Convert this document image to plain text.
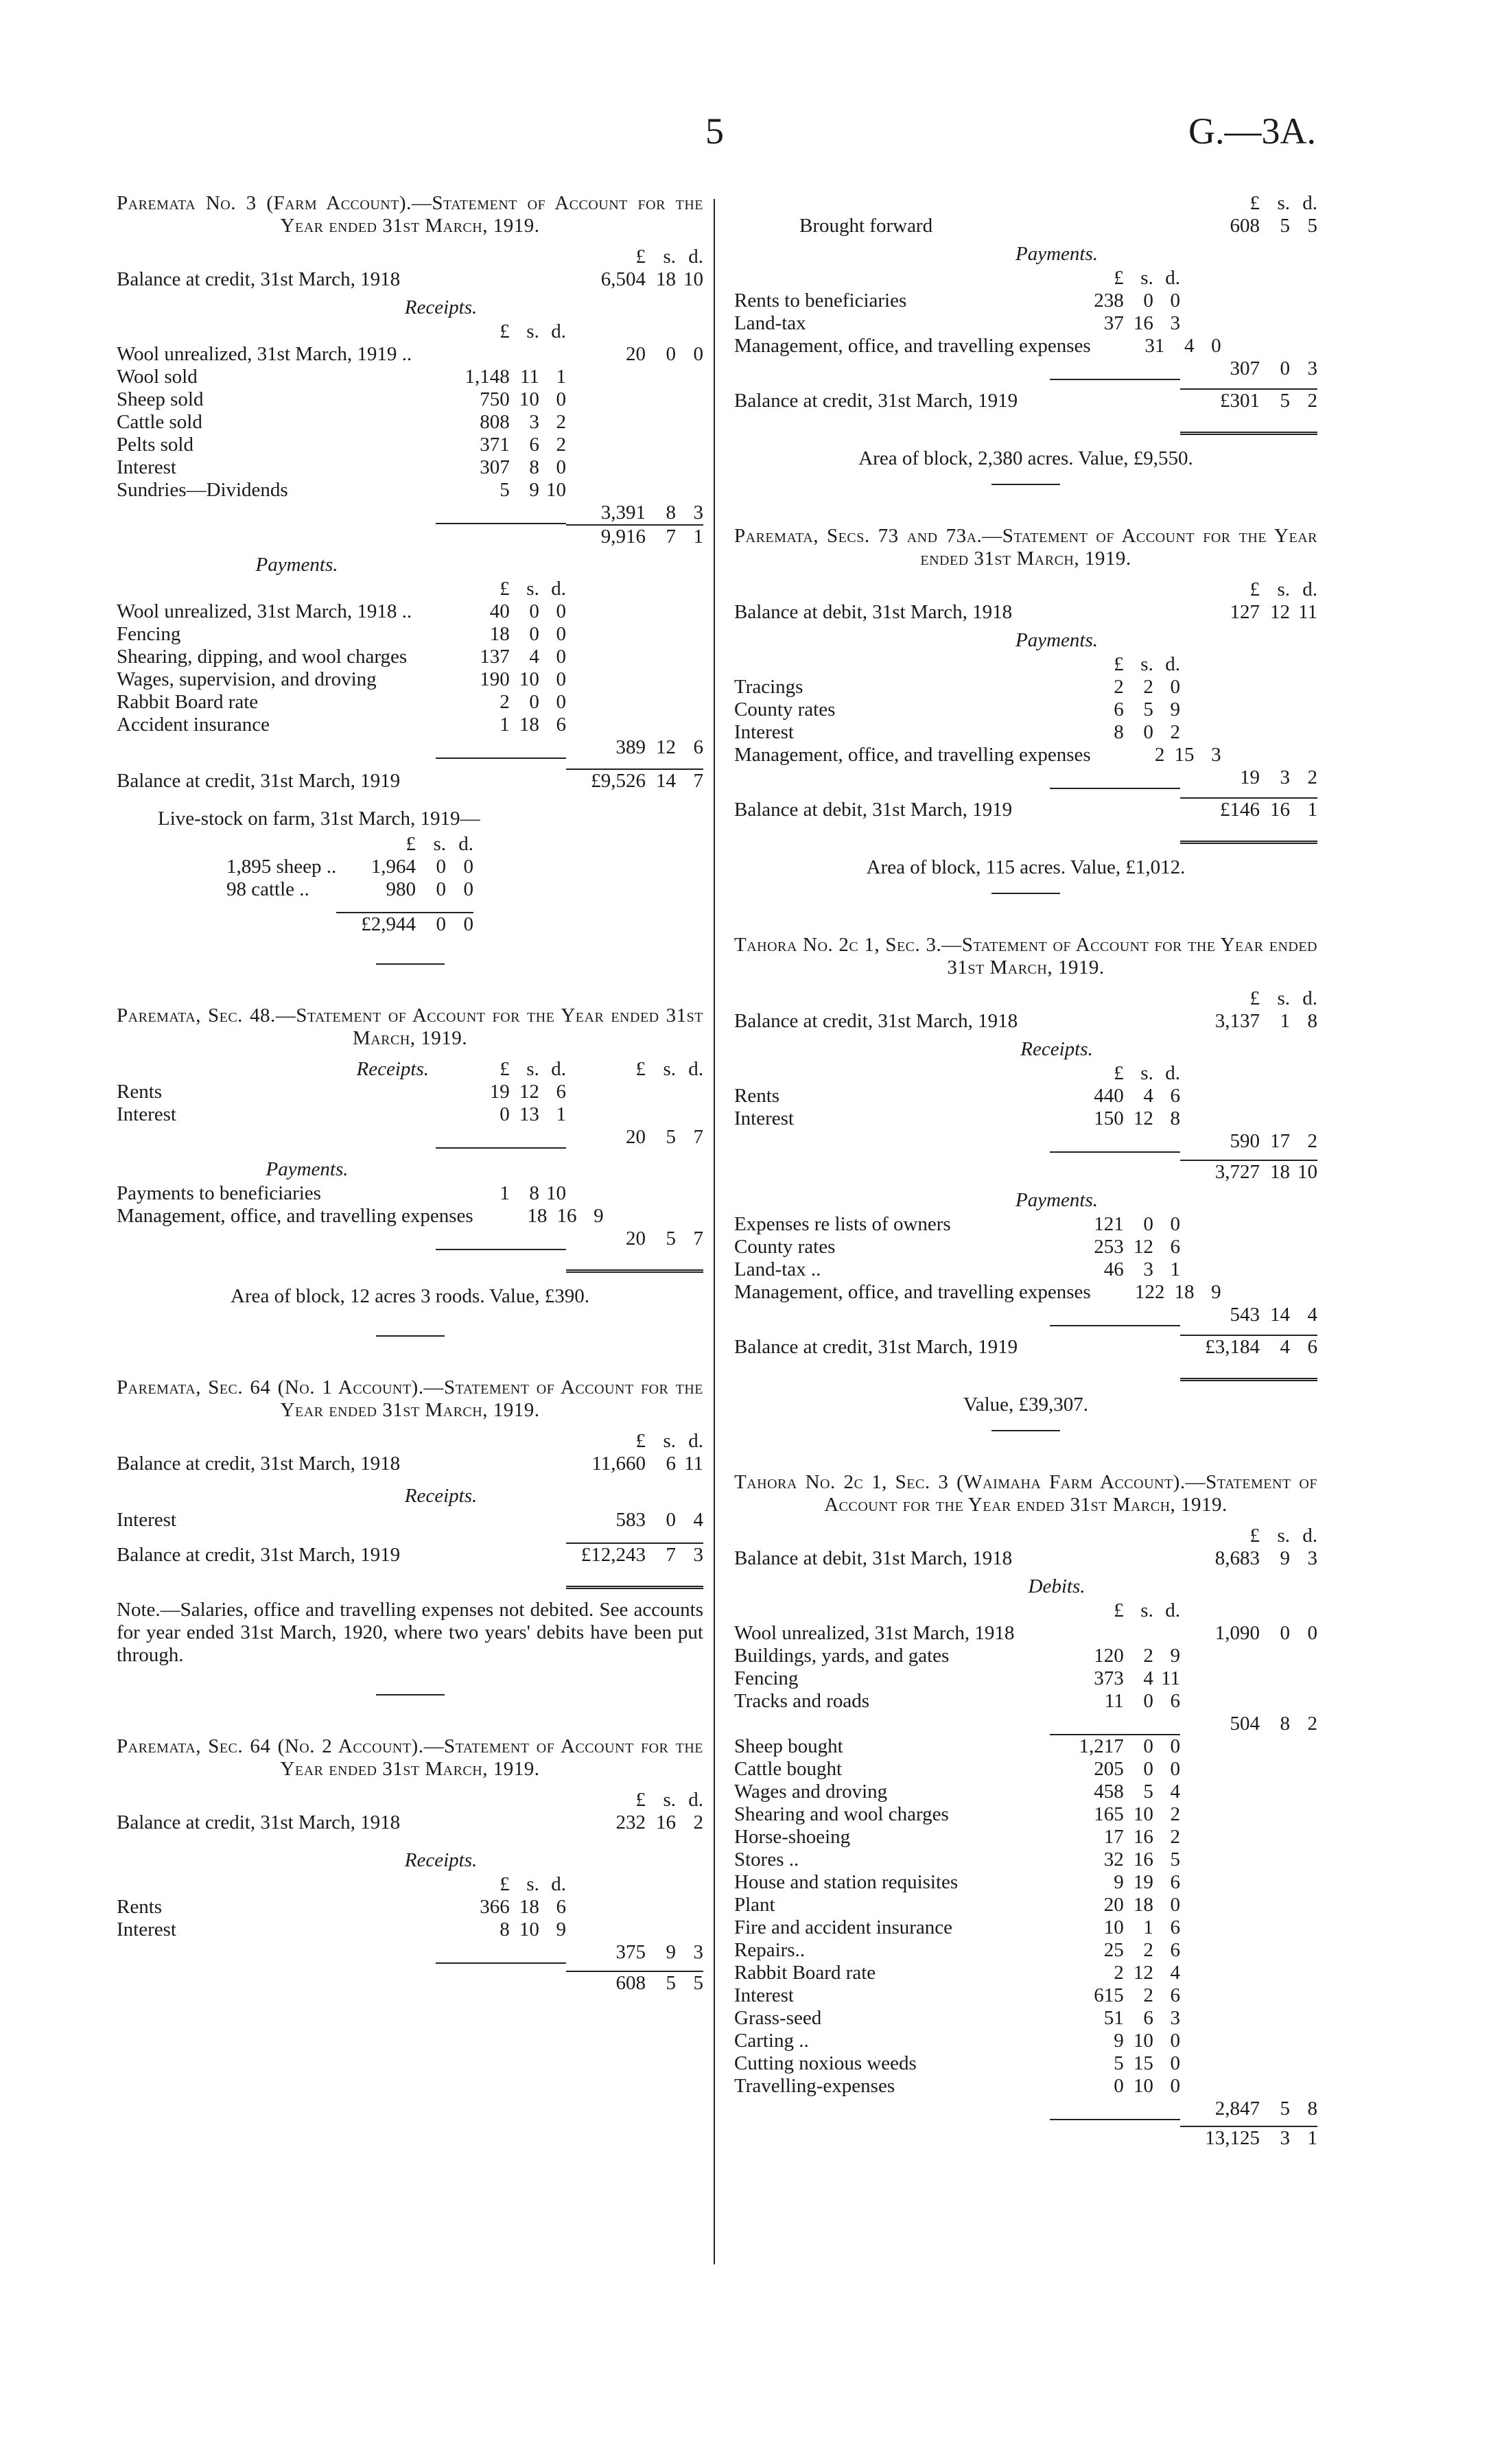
5	G.—3A.
Paremata No. 3 (Farm Account).—Statement of Account for the Year ended 31st March, 1919.
£ s. d.
Balance at credit, 31st March, 1918	6,504 18 10
Receipts.
£ s. d.
Wool unrealized, 31st March, 1919 ..	20	0 0
Wool sold	1,148 11 1
Sheep sold	750 10 0
Cattle sold	808 3 2
Pelts sold	371 6 2
Interest	307 8 0
Sundries—Dividends	5 9 10
3,391	8 3
9,916	7 1
Payments.
£ s. d.
Wool unrealized, 31st March, 1918 ..	40 0 0
Fencing	18 0 0
Shearing, dipping, and wool charges	137 4 0
Wages, supervision, and droving	190 10 0
Rabbit Board rate	2 0 0
Accident insurance	1 18 6
389 12 6
Balance at credit, 31st March, 1919	£9,526 14 7
Live-stock on farm, 31st March, 1919—
£ s. d.
1,895 sheep ..	1,964	0 0
98 cattle ..	980	0 0
£2,944	0 0
Paremata, Sec. 48.—Statement of Account for the Year ended 31st March, 1919.
Receipts.	£ s. d.	£ s. d.
Rents	19 12 6
Interest	0 13 1
20	5 7
Payments.
Payments to beneficiaries	1 8 10
Management, office, and travelling expenses	18 16 9
20	5 7
Area of block, 12 acres 3 roods. Value, £390.
Paremata, Sec. 64 (No. 1 Account).—Statement of Account for the Year ended 31st March, 1919.
£ s. d.
Balance at credit, 31st March, 1918	11,660	6 11
Receipts.
Interest	583	0 4
Balance at credit, 31st March, 1919	£12,243	7 3
Note.—Salaries, office and travelling expenses not debited. See accounts for year ended 31st March, 1920, where two years' debits have been put through.
Paremata, Sec. 64 (No. 2 Account).—Statement of Account for the Year ended 31st March, 1919.
£ s. d.
Balance at credit, 31st March, 1918	232 16 2
Receipts.
£ s. d.
Rents	366 18 6
Interest	8 10 9
375	9 3
608	5 5
£ s. d.
Brought forward	608	5 5
Payments.
£ s. d.
Rents to beneficiaries	238 0 0
Land-tax	37 16 3
Management, office, and travelling expenses	31 4 0
307	0 3
Balance at credit, 31st March, 1919	£301	5 2
Area of block, 2,380 acres. Value, £9,550.
Paremata, Secs. 73 and 73a.—Statement of Account for the Year ended 31st March, 1919.
£ s. d.
Balance at debit, 31st March, 1918	127 12 11
Payments.
£ s. d.
Tracings	2 2 0
County rates	6 5 9
Interest	8 0 2
Management, office, and travelling expenses	2 15 3
19	3 2
Balance at debit, 31st March, 1919	£146 16 1
Area of block, 115 acres. Value, £1,012.
Tahora No. 2c 1, Sec. 3.—Statement of Account for the Year ended 31st March, 1919.
£ s. d.
Balance at credit, 31st March, 1918	3,137	1 8
Receipts.
£ s. d.
Rents	440 4 6
Interest	150 12 8
590 17 2
3,727 18 10
Payments.
Expenses re lists of owners	121 0 0
County rates	253 12 6
Land-tax ..	46 3 1
Management, office, and travelling expenses	122 18 9
543 14 4
Balance at credit, 31st March, 1919	£3,184	4 6
Value, £39,307.
Tahora No. 2c 1, Sec. 3 (Waimaha Farm Account).—Statement of Account for the Year ended 31st March, 1919.
£ s. d.
Balance at debit, 31st March, 1918	8,683	9 3
Debits.
£ s. d.
Wool unrealized, 31st March, 1918	1,090	0 0
Buildings, yards, and gates	120 2 9
Fencing	373 4 11
Tracks and roads	11 0 6
504	8 2
Sheep bought	1,217 0 0
Cattle bought	205 0 0
Wages and droving	458 5 4
Shearing and wool charges	165 10 2
Horse-shoeing	17 16 2
Stores ..	32 16 5
House and station requisites	9 19 6
Plant	20 18 0
Fire and accident insurance	10 1 6
Repairs..	25 2 6
Rabbit Board rate	2 12 4
Interest	615 2 6
Grass-seed	51 6 3
Carting ..	9 10 0
Cutting noxious weeds	5 15 0
Travelling-expenses	0 10 0
2,847	5 8
13,125	3 1
